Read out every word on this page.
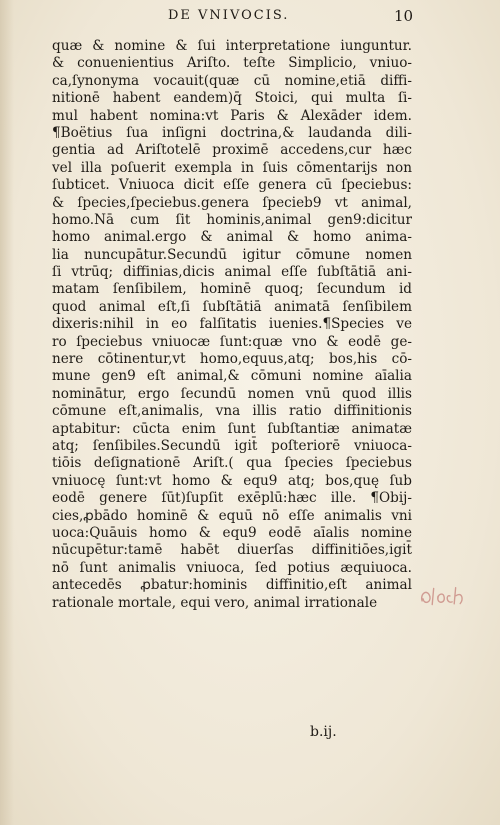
DE VNIVOCIS.	10
quæ & nomine & ſui interpretatione iunguntur.
& conuenientius Ariſto. teſte Simplicio, vniuo-
ca,ſynonyma vocauit(quæ cū nomine,etiā diffi-
nitionē habent eandem)q̄ Stoici, qui multa ſi-
mul habent nomina:vt Paris & Alexāder idem.
¶Boëtius ſua inſigni doctrina,& laudanda dili-
gentia ad Ariſtotelē proximē accedens,cur hæc
vel illa poſuerit exempla in ſuis cōmentarijs non
ſubticet. Vniuoca dicit eſſe genera cū ſpeciebus:
& ſpecies,ſpeciebus.genera ſpecieb9 vt animal,
homo.Nā cum ſit hominis,animal gen9:dicitur
homo animal.ergo & animal & homo anima-
lia nuncupātur.Secundū igitur cōmune nomen
ſi vtrūq; diffinias,dicis animal eſſe ſubſtātiā ani-
matam ſenſibilem, hominē quoq; ſecundum id
quod animal eſt,ſi ſubſtātiā animatā ſenſibilem
dixeris:nihil in eo falſitatis iuenies.¶Species ve
ro ſpeciebus vniuocæ ſunt:quæ vno & eodē ge-
nere cōtinentur,vt homo,equus,atq; bos,his cō-
mune gen9 eſt animal,& cōmuni nomine aīalia
nominātur, ergo ſecundū nomen vnū quod illis
cōmune eſt,animalis, vna illis ratio diffinitionis
aptabitur: cūcta enim ſunt ſubſtantiæ animatæ
atq; ſenſibiles.Secundū igit̄ poſteriorē vniuoca-
tiōis deſignationē Ariſt.( qua ſpecies ſpeciebus
vniuocę ſunt:vt homo & equ9 atq; bos,quę ſub
eodē genere ſūt)ſupſit exēplū:hæc ille. ¶Obij-
cies,ꝓbādo hominē & equū nō eſſe animalis vni
uoca:Quāuis homo & equ9 eodē aīalis nomine
nūcupētur:tamē habēt diuerſas diffinitiōes,igit̄
nō ſunt animalis vniuoca, ſed potius æquiuoca.
antecedēs ꝓbatur:hominis diffinitio,eſt animal
rationale mortale, equi vero, animal irrationale
b.ij.
